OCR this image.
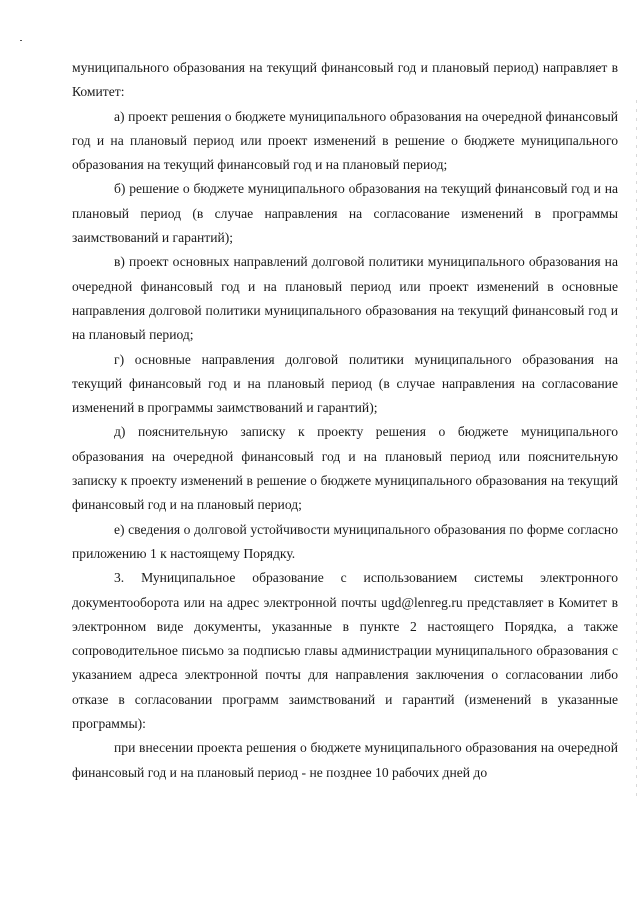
муниципального образования на текущий финансовый год и плановый период) направляет в Комитет:

а) проект решения о бюджете муниципального образования на очередной финансовый год и на плановый период или проект изменений в решение о бюджете муниципального образования на текущий финансовый год и на плановый период;

б) решение о бюджете муниципального образования на текущий финансовый год и на плановый период (в случае направления на согласование изменений в программы заимствований и гарантий);

в) проект основных направлений долговой политики муниципального образования на очередной финансовый год и на плановый период или проект изменений в основные направления долговой политики муниципального образования на текущий финансовый год и на плановый период;

г) основные направления долговой политики муниципального образования на текущий финансовый год и на плановый период (в случае направления на согласование изменений в программы заимствований и гарантий);

д) пояснительную записку к проекту решения о бюджете муниципального образования на очередной финансовый год и на плановый период или пояснительную записку к проекту изменений в решение о бюджете муниципального образования на текущий финансовый год и на плановый период;

е) сведения о долговой устойчивости муниципального образования по форме согласно приложению 1 к настоящему Порядку.

3. Муниципальное образование с использованием системы электронного документооборота или на адрес электронной почты ugd@lenreg.ru представляет в Комитет в электронном виде документы, указанные в пункте 2 настоящего Порядка, а также сопроводительное письмо за подписью главы администрации муниципального образования с указанием адреса электронной почты для направления заключения о согласовании либо отказе в согласовании программ заимствований и гарантий (изменений в указанные программы):

при внесении проекта решения о бюджете муниципального образования на очередной финансовый год и на плановый период - не позднее 10 рабочих дней до
